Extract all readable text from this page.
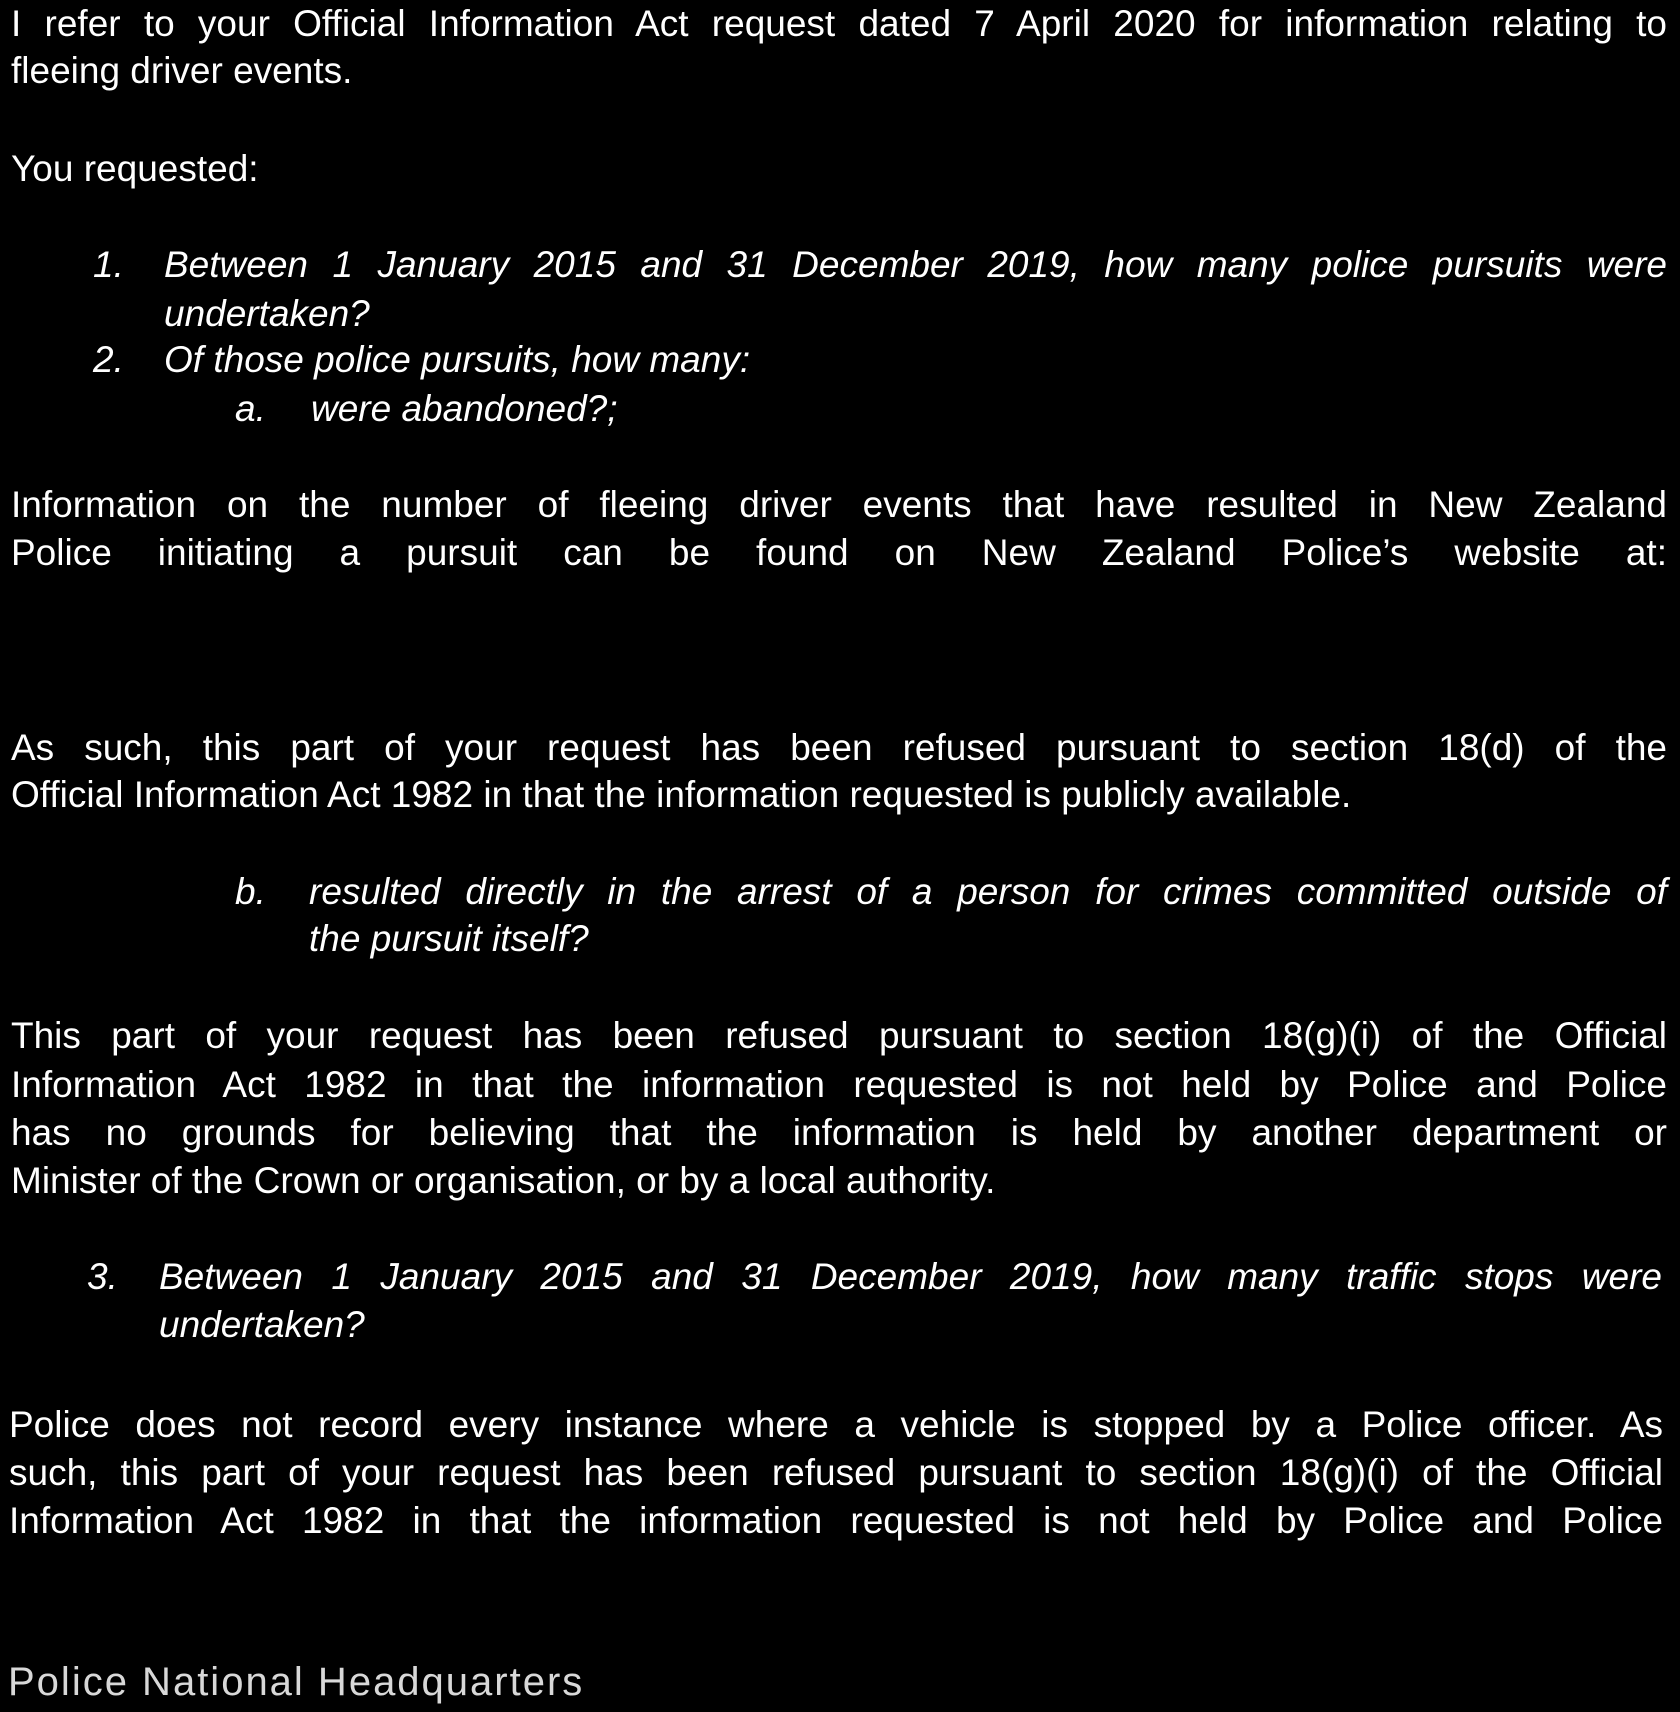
I refer to your Official Information Act request dated 7 April 2020 for information relating to
fleeing driver events.
You requested:
1. Between 1 January 2015 and 31 December 2019, how many police pursuits were
undertaken?
2. Of those police pursuits, how many:
a. were abandoned?;
Information on the number of fleeing driver events that have resulted in New Zealand
Police initiating a pursuit can be found on New Zealand Police’s website at:
As such, this part of your request has been refused pursuant to section 18(d) of the
Official Information Act 1982 in that the information requested is publicly available.
b. resulted directly in the arrest of a person for crimes committed outside of
the pursuit itself?
This part of your request has been refused pursuant to section 18(g)(i) of the Official
Information Act 1982 in that the information requested is not held by Police and Police
has no grounds for believing that the information is held by another department or
Minister of the Crown or organisation, or by a local authority.
3. Between 1 January 2015 and 31 December 2019, how many traffic stops were
undertaken?
Police does not record every instance where a vehicle is stopped by a Police officer. As
such, this part of your request has been refused pursuant to section 18(g)(i) of the Official
Information Act 1982 in that the information requested is not held by Police and Police
Police National Headquarters
